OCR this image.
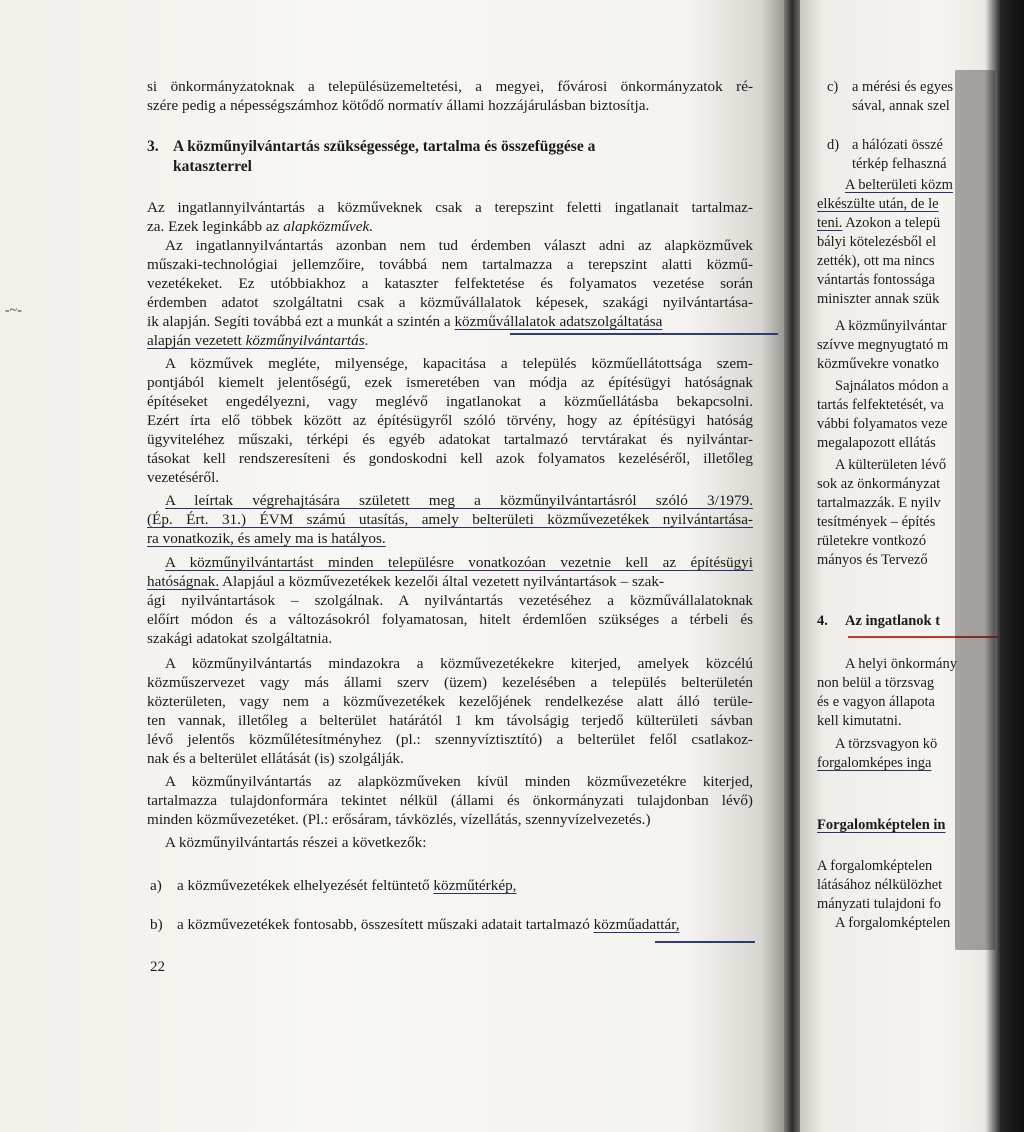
si önkormányzatoknak a településüzemeltetési, a megyei, fővárosi önkormányzatok ré-
szére pedig a népességszámhoz kötődő normatív állami hozzájárulásban biztosítja.
3. A közműnyilvántartás szükségessége, tartalma és összefüggése a
kataszterrel
Az ingatlannyilvántartás a közműveknek csak a terepszint feletti ingatlanait tartalmaz-
za. Ezek leginkább az alapközművek.
Az ingatlannyilvántartás azonban nem tud érdemben választ adni az alapközművek
műszaki-technológiai jellemzőire, továbbá nem tartalmazza a terepszint alatti közmű-
vezetékeket. Ez utóbbiakhoz a kataszter felfektetése és folyamatos vezetése során
érdemben adatot szolgáltatni csak a közművállalatok képesek, szakági nyilvántartása-
ik alapján. Segíti továbbá ezt a munkát a szintén a közművállalatok adatszolgáltatása
alapján vezetett közműnyilvántartás.
A közművek megléte, milyensége, kapacitása a település közműellátottsága szem-
pontjából kiemelt jelentőségű, ezek ismeretében van módja az építésügyi hatóságnak
építéseket engedélyezni, vagy meglévő ingatlanokat a közműellátásba bekapcsolni.
Ezért írta elő többek között az építésügyről szóló törvény, hogy az építésügyi hatóság
ügyviteléhez műszaki, térképi és egyéb adatokat tartalmazó tervtárakat és nyilvántar-
tásokat kell rendszeresíteni és gondoskodni kell azok folyamatos kezeléséről, illetőleg
vezetéséről.
A leírtak végrehajtására született meg a közműnyilvántartásról szóló 3/1979.
(Ép. Ért. 31.) ÉVM számú utasítás, amely belterületi közművezetékek nyilvántartása-
ra vonatkozik, és amely ma is hatályos.
A közműnyilvántartást minden településre vonatkozóan vezetnie kell az építésügyi
hatóságnak. Alapjául a közművezetékek kezelői által vezetett nyilvántartások – szak-
ági nyilvántartások – szolgálnak. A nyilvántartás vezetéséhez a közművállalatoknak
előírt módon és a változásokról folyamatosan, hitelt érdemlően szükséges a térbeli és
szakági adatokat szolgáltatnia.
A közműnyilvántartás mindazokra a közművezetékekre kiterjed, amelyek közcélú
közműszervezet vagy más állami szerv (üzem) kezelésében a település belterületén
közterületen, vagy nem a közművezetékek kezelőjének rendelkezése alatt álló terüle-
ten vannak, illetőleg a belterület határától 1 km távolságig terjedő külterületi sávban
lévő jelentős közműlétesítményhez (pl.: szennyvíztisztító) a belterület felől csatlakoz-
nak és a belterület ellátását (is) szolgálják.
A közműnyilvántartás az alapközműveken kívül minden közművezetékre kiterjed,
tartalmazza tulajdonformára tekintet nélkül (állami és önkormányzati tulajdonban lévő)
minden közművezetéket. (Pl.: erősáram, távközlés, vízellátás, szennyvízelvezetés.)
A közműnyilvántartás részei a következők:
a) a közművezetékek elhelyezését feltüntető közműtérkép,
b) a közművezetékek fontosabb, összesített műszaki adatait tartalmazó közműadattár,
22
-~-
c) a mérési és egyes
sával, annak szel
d) a hálózati összé
térkép felhaszná
A belterületi közm
elkészülte után, de le
teni. Azokon a telepü
bályi kötelezésből el
zették), ott ma nincs
vántartás fontossága
miniszter annak szük
A közműnyilvántar
szívve megnyugtató m
közművekre vonatko
Sajnálatos módon a
tartás felfektetését, va
vábbi folyamatos veze
megalapozott ellátás
A külterületen lévő
sok az önkormányzat
tartalmazzák. E nyilv
tesítmények – építés
rületekre vontkozó
mányos és Tervező
4. Az ingatlanok t
A helyi önkormány
non belül a törzsvag
és e vagyon állapota
kell kimutatni.
A törzsvagyon kö
forgalomképes inga
Forgalomképtelen in
A forgalomképtelen
látásához nélkülözhet
mányzati tulajdoni fo
A forgalomképtelen
